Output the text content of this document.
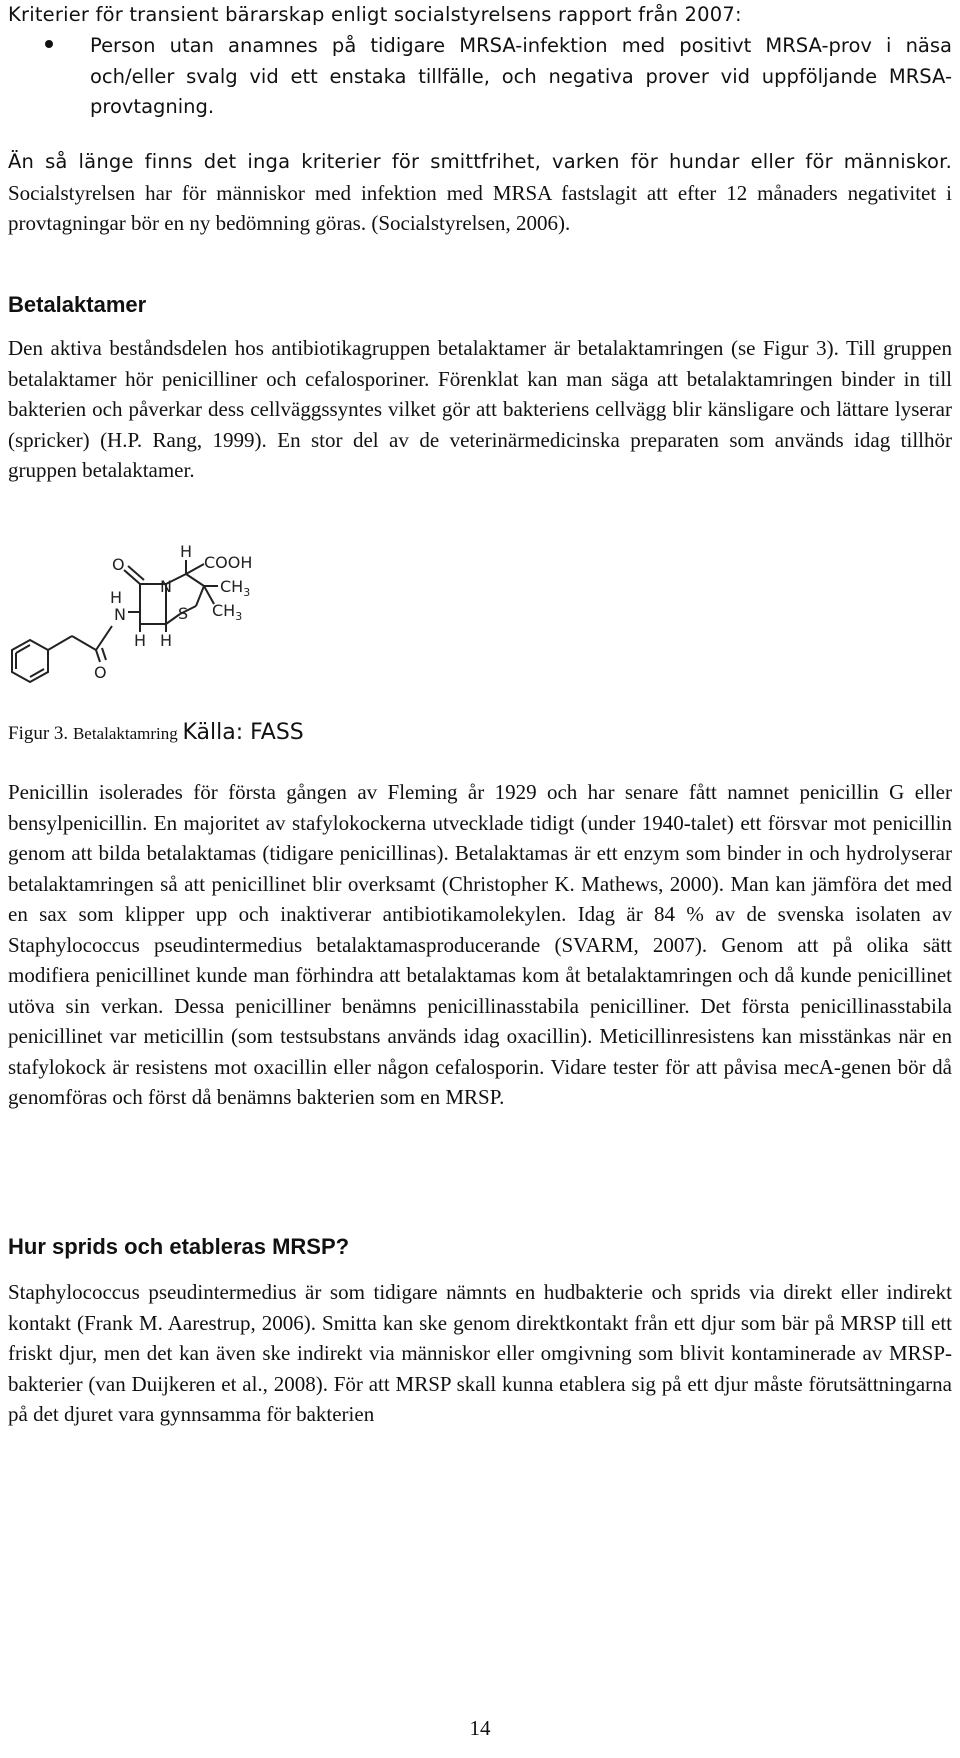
Kriterier för transient bärarskap enligt socialstyrelsens rapport från 2007:

Person utan anamnes på tidigare MRSA-infektion med positivt MRSA-prov i näsa och/eller svalg vid ett enstaka tillfälle, och negativa prover vid uppföljande MRSA-provtagning.

Än så länge finns det inga kriterier för smittfrihet, varken för hundar eller för människor. Socialstyrelsen har för människor med infektion med MRSA fastslagit att efter 12 månaders negativitet i provtagningar bör en ny bedömning göras. (Socialstyrelsen, 2006).

Betalaktamer

Den aktiva beståndsdelen hos antibiotikagruppen betalaktamer är betalaktamringen (se Figur 3). Till gruppen betalaktamer hör penicilliner och cefalosporiner. Förenklat kan man säga att betalaktamringen binder in till bakterien och påverkar dess cellväggssyntes vilket gör att bakteriens cellvägg blir känsligare och lättare lyserar (spricker) (H.P. Rang, 1999). En stor del av de veterinärmedicinska preparaten som används idag tillhör gruppen betalaktamer.

O
H
COOH
H
N
N	$CH_3$
S $CH_3$
H H
O
Figur 3. Betalaktamring Källa: FASS

Penicillin isolerades för första gången av Fleming år 1929 och har senare fått namnet penicillin G eller bensylpenicillin. En majoritet av stafylokockerna utvecklade tidigt (under 1940-talet) ett försvar mot penicillin genom att bilda betalaktamas (tidigare penicillinas). Betalaktamas är ett enzym som binder in och hydrolyserar betalaktamringen så att penicillinet blir overksamt (Christopher K. Mathews, 2000). Man kan jämföra det med en sax som klipper upp och inaktiverar antibiotikamolekylen. Idag är 84 % av de svenska isolaten av Staphylococcus pseudintermedius betalaktamasproducerande (SVARM, 2007). Genom att på olika sätt modifiera penicillinet kunde man förhindra att betalaktamas kom åt betalaktamringen och då kunde penicillinet utöva sin verkan. Dessa penicilliner benämns penicillinasstabila penicilliner. Det första penicillinasstabila penicillinet var meticillin (som testsubstans används idag oxacillin). Meticillinresistens kan misstänkas när en stafylokock är resistens mot oxacillin eller någon cefalosporin. Vidare tester för att påvisa mecA-genen bör då genomföras och först då benämns bakterien som en MRSP.

Hur sprids och etableras MRSP?

Staphylococcus pseudintermedius är som tidigare nämnts en hudbakterie och sprids via direkt eller indirekt kontakt (Frank M. Aarestrup, 2006). Smitta kan ske genom direktkontakt från ett djur som bär på MRSP till ett friskt djur, men det kan även ske indirekt via människor eller omgivning som blivit kontaminerade av MRSP-bakterier (van Duijkeren et al., 2008). För att MRSP skall kunna etablera sig på ett djur måste förutsättningarna på det djuret vara gynnsamma för bakterien

14
